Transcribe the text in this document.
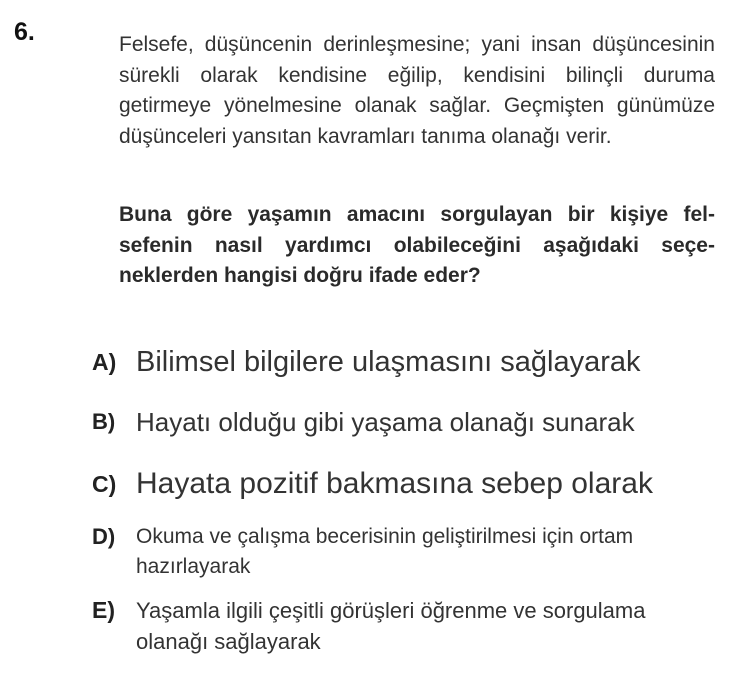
6.	Felsefe, düşüncenin derinleşmesine; yani insan düşüncesinin sürekli olarak kendisine eğilip, kendisini bilinçli duruma getirmeye yönelmesine olanak sağlar. Geçmişten günümüze düşünceleri yansıtan kavramları tanıma olanağı verir.

Buna göre yaşamın amacını sorgulayan bir kişiye felsefenin nasıl yardımcı olabileceğini aşağıdaki seçeneklerden hangisi doğru ifade eder?

A) Bilimsel bilgilere ulaşmasını sağlayarak
B) Hayatı olduğu gibi yaşama olanağı sunarak
C) Hayata pozitif bakmasına sebep olarak
D) Okuma ve çalışma becerisinin geliştirilmesi için ortam hazırlayarak
E) Yaşamla ilgili çeşitli görüşleri öğrenme ve sorgulama olanağı sağlayarak
